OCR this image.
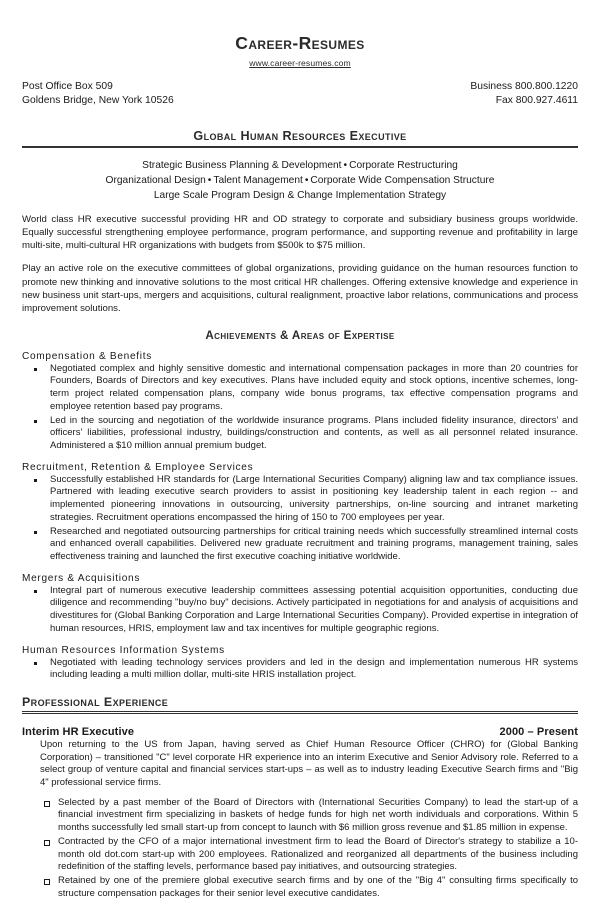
Career-Resumes
www.career-resumes.com
Post Office Box 509
Goldens Bridge, New York 10526
Business 800.800.1220
Fax 800.927.4611
Global Human Resources Executive
Strategic Business Planning & Development • Corporate Restructuring
Organizational Design • Talent Management • Corporate Wide Compensation Structure
Large Scale Program Design & Change Implementation Strategy
World class HR executive successful providing HR and OD strategy to corporate and subsidiary business groups worldwide. Equally successful strengthening employee performance, program performance, and supporting revenue and profitability in large multi-site, multi-cultural HR organizations with budgets from $500k to $75 million.
Play an active role on the executive committees of global organizations, providing guidance on the human resources function to promote new thinking and innovative solutions to the most critical HR challenges. Offering extensive knowledge and experience in new business unit start-ups, mergers and acquisitions, cultural realignment, proactive labor relations, communications and process improvement solutions.
Achievements & Areas of Expertise
Compensation & Benefits
Negotiated complex and highly sensitive domestic and international compensation packages in more than 20 countries for Founders, Boards of Directors and key executives. Plans have included equity and stock options, incentive schemes, long-term project related compensation plans, company wide bonus programs, tax effective compensation programs and employee retention based pay programs.
Led in the sourcing and negotiation of the worldwide insurance programs. Plans included fidelity insurance, directors' and officers' liabilities, professional industry, buildings/construction and contents, as well as all personnel related insurance. Administered a $10 million annual premium budget.
Recruitment, Retention & Employee Services
Successfully established HR standards for (Large International Securities Company) aligning law and tax compliance issues. Partnered with leading executive search providers to assist in positioning key leadership talent in each region -- and implemented pioneering innovations in outsourcing, university partnerships, on-line sourcing and intranet marketing strategies. Recruitment operations encompassed the hiring of 150 to 700 employees per year.
Researched and negotiated outsourcing partnerships for critical training needs which successfully streamlined internal costs and enhanced overall capabilities. Delivered new graduate recruitment and training programs, management training, sales effectiveness training and launched the first executive coaching initiative worldwide.
Mergers & Acquisitions
Integral part of numerous executive leadership committees assessing potential acquisition opportunities, conducting due diligence and recommending "buy/no buy" decisions. Actively participated in negotiations for and analysis of acquisitions and divestitures for (Global Banking Corporation and Large International Securities Company). Provided expertise in integration of human resources, HRIS, employment law and tax incentives for multiple geographic regions.
Human Resources Information Systems
Negotiated with leading technology services providers and led in the design and implementation numerous HR systems including leading a multi million dollar, multi-site HRIS installation project.
Professional Experience
Interim HR Executive	2000 – Present
Upon returning to the US from Japan, having served as Chief Human Resource Officer (CHRO) for (Global Banking Corporation) – transitioned "C" level corporate HR experience into an interim Executive and Senior Advisory role. Referred to a select group of venture capital and financial services start-ups – as well as to industry leading Executive Search firms and "Big 4" professional service firms.
Selected by a past member of the Board of Directors with (International Securities Company) to lead the start-up of a financial investment firm specializing in baskets of hedge funds for high net worth individuals and corporations. Within 5 months successfully led small start-up from concept to launch with $6 million gross revenue and $1.85 million in expense.
Contracted by the CFO of a major international investment firm to lead the Board of Director's strategy to stabilize a 10-month old dot.com start-up with 200 employees. Rationalized and reorganized all departments of the business including redefinition of the staffing levels, performance based pay initiatives, and outsourcing strategies.
Retained by one of the premiere global executive search firms and by one of the "Big 4" consulting firms specifically to structure compensation packages for their senior level executive candidates.
